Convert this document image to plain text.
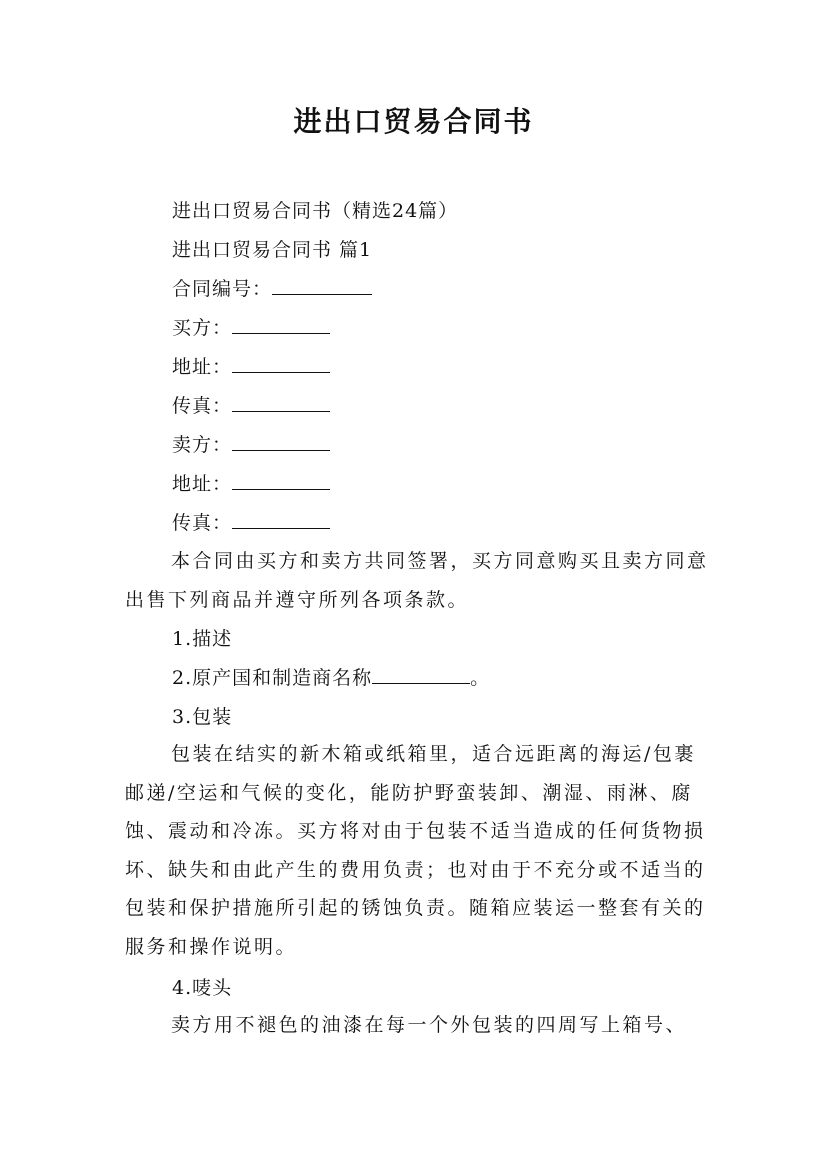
进出口贸易合同书
进出口贸易合同书（精选24篇）
进出口贸易合同书 篇1
合同编号：
买方：
地址：
传真：
卖方：
地址：
传真：
本合同由买方和卖方共同签署，买方同意购买且卖方同意出售下列商品并遵守所列各项条款。
1.描述
2.原产国和制造商名称	。
3.包装
包装在结实的新木箱或纸箱里，适合远距离的海运/包裹邮递/空运和气候的变化，能防护野蛮装卸、潮湿、雨淋、腐蚀、震动和冷冻。买方将对由于包装不适当造成的任何货物损坏、缺失和由此产生的费用负责；也对由于不充分或不适当的包装和保护措施所引起的锈蚀负责。随箱应装运一整套有关的服务和操作说明。
4.唛头
卖方用不褪色的油漆在每一个外包装的四周写上箱号、
